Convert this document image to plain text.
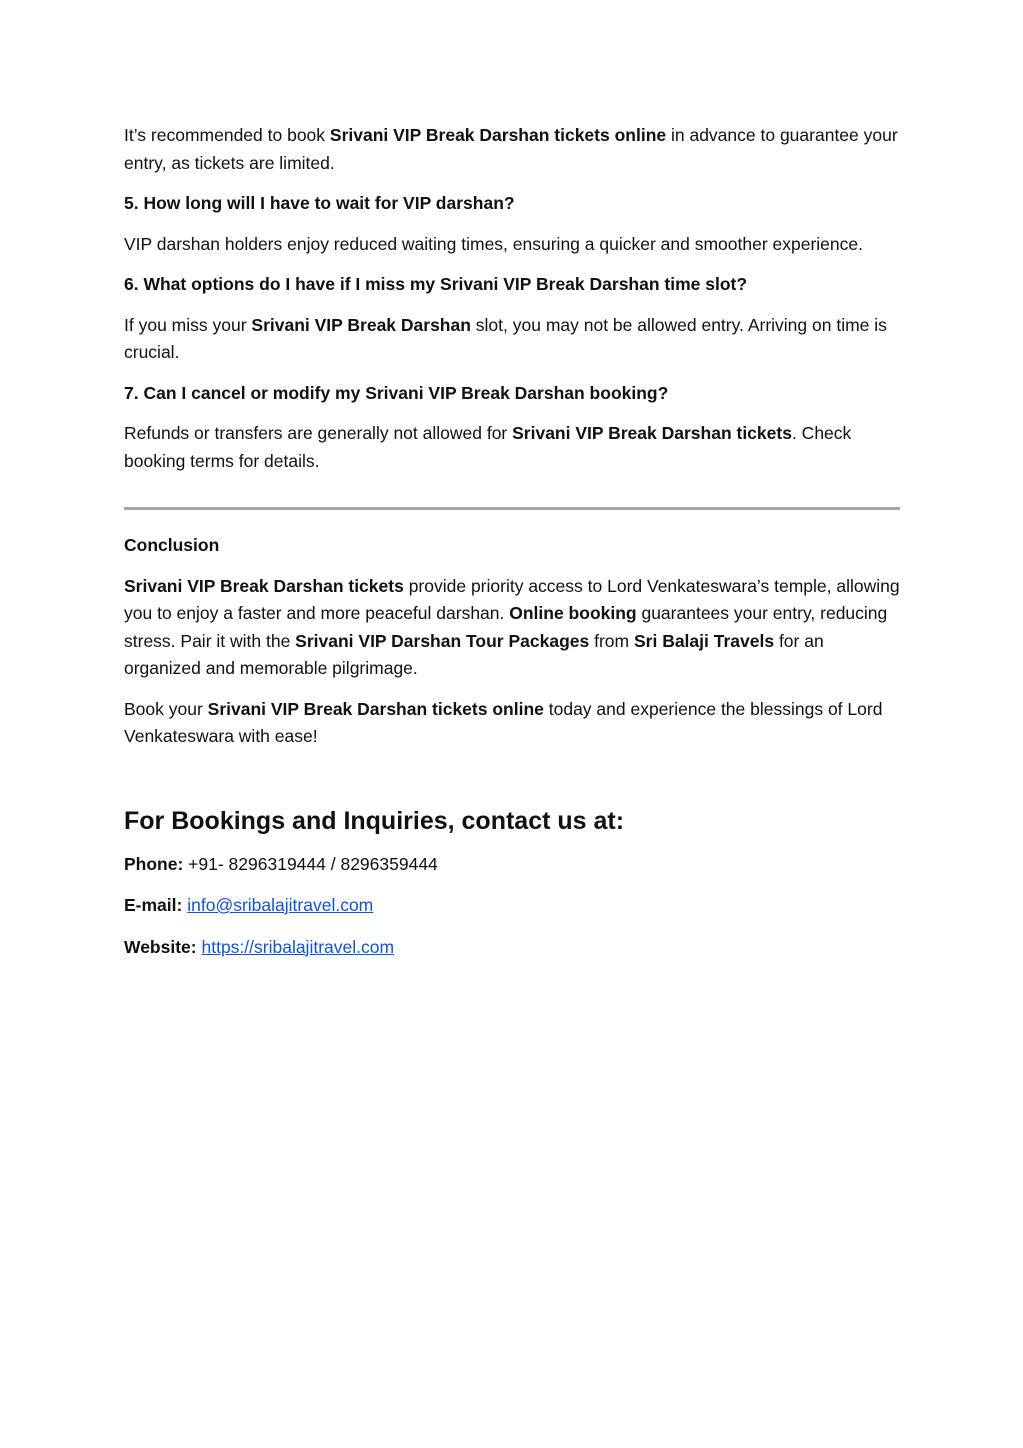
It’s recommended to book Srivani VIP Break Darshan tickets online in advance to guarantee your entry, as tickets are limited.

5. How long will I have to wait for VIP darshan?

VIP darshan holders enjoy reduced waiting times, ensuring a quicker and smoother experience.

6. What options do I have if I miss my Srivani VIP Break Darshan time slot?

If you miss your Srivani VIP Break Darshan slot, you may not be allowed entry. Arriving on time is crucial.

7. Can I cancel or modify my Srivani VIP Break Darshan booking?

Refunds or transfers are generally not allowed for Srivani VIP Break Darshan tickets. Check booking terms for details.

Conclusion

Srivani VIP Break Darshan tickets provide priority access to Lord Venkateswara’s temple, allowing you to enjoy a faster and more peaceful darshan. Online booking guarantees your entry, reducing stress. Pair it with the Srivani VIP Darshan Tour Packages from Sri Balaji Travels for an organized and memorable pilgrimage.

Book your Srivani VIP Break Darshan tickets online today and experience the blessings of Lord Venkateswara with ease!

For Bookings and Inquiries, contact us at:

Phone: +91- 8296319444 / 8296359444

E-mail: info@sribalajitravel.com

Website: https://sribalajitravel.com
